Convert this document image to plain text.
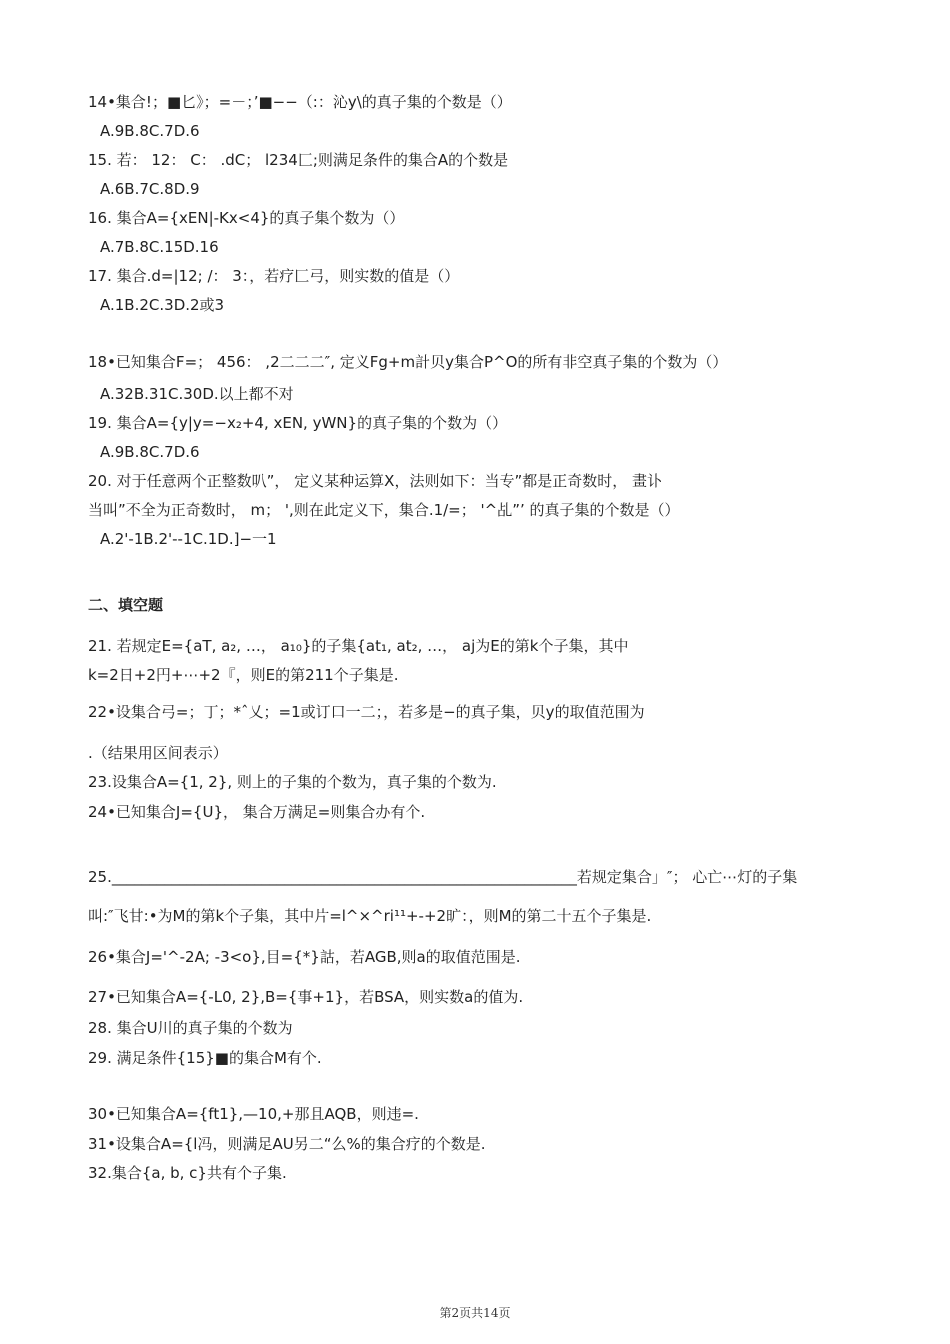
14•集合!；■匕》；=－；’■−−（:：沁y\的真子集的个数是（）
A.9B.8C.7D.6
15. 若： 12： C： .dC； l234匚;则满足条件的集合A的个数是
A.6B.7C.8D.9
16. 集合A={xEN|-Kx<4}的真子集个数为（）
A.7B.8C.15D.16
17. 集合.d=|12; /： 3：，若疗匚弓，则实数的值是（）
A.1B.2C.3D.2或3
18•已知集合F=； 456： ,2二二二″, 定义Fg+m計贝y集合P^O的所有非空真子集的个数为（）
A.32B.31C.30D.以上都不对
19. 集合A={y|y=−x₂+4, xEN, yWN}的真子集的个数为（）
A.9B.8C.7D.6
20. 对于任意两个正整数叭”， 定义某种运算X，法则如下：当专”都是正奇数时， 畫讣
当叫”不全为正奇数时， m； ',则在此定义下，集合.1/=； '^乩”’ 的真子集的个数是（）
A.2'-1B.2'--1C.1D.]−一1
二、填空题
21. 若规定E={aT, a₂, …， a₁₀}的子集{at₁, at₂, …， aj为E的第k个子集，其中
k=2日+2円+⋯+2『，则E的第211个子集是.
22•设集合弓=；丁；*ˆ乂；=1或订口一二；，若多是−的真子集，贝y的取值范围为
.（结果用区间表示）
23.设集合A={1, 2}, 则上的子集的个数为，真子集的个数为.
24•已知集合J={U}， 集合万满足=则集合办有个.
25.______________________________________________________________若规定集合」″； 心亡⋯灯的子集
叫:″飞甘:•为M的第k个子集，其中片=l^×^ri¹¹+-+2旷：，则M的第二十五个子集是.
26•集合J='^-2A; -3<o},目={*}詁，若AGB,则a的取值范围是.
27•已知集合A={-L0, 2},B={事+1}，若BSA，则实数a的值为.
28. 集合U川的真子集的个数为
29. 满足条件{15}■的集合M有个.
30•已知集合A={ft1},—10,+那且AQB，则违=.
31•设集合A={l冯，则满足AU另二“么%的集合疗的个数是.
32.集合{a, b, c}共有个子集.
第2页共14页
